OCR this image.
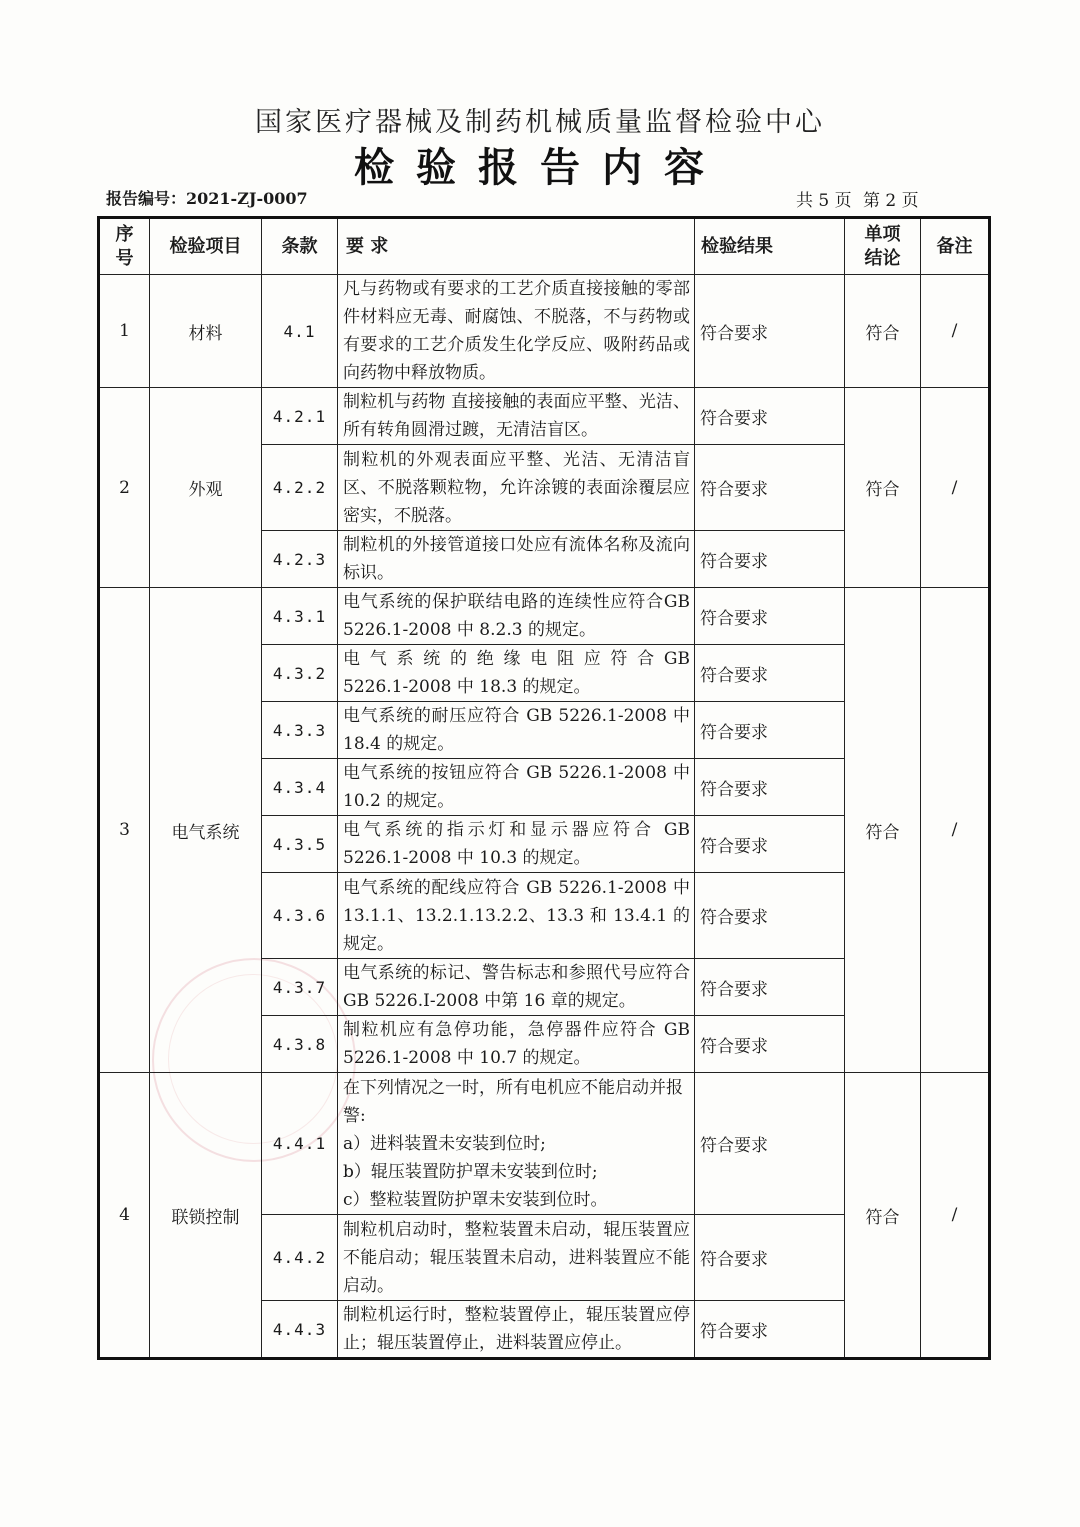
国家医疗器械及制药机械质量监督检验中心
检验报告内容
报告编号：2021-ZJ-0007	共 5 页 第 2 页
序号	检验项目	条款	要 求	检验结果	单项结论	备注
1	材料	4.1	凡与药物或有要求的工艺介质直接接触的零部件材料应无毒、耐腐蚀、不脱落，不与药物或有要求的工艺介质发生化学反应、吸附药品或向药物中释放物质。	符合要求	符合	/
2	外观	4.2.1	制粒机与药物 直接接触的表面应平整、光洁、所有转角圆滑过踱，无清洁盲区。	符合要求	符合	/
		4.2.2	制粒机的外观表面应平整、光洁、无清洁盲区、不脱落颗粒物，允许涂镀的表面涂覆层应密实，不脱落。	符合要求		
		4.2.3	制粒机的外接管道接口处应有流体名称及流向标识。	符合要求		
3	电气系统	4.3.1	电气系统的保护联结电路的连续性应符合GB 5226.1-2008 中 8.2.3 的规定。	符合要求	符合	/
		4.3.2	电 气 系 统 的 绝 缘 电 阻 应 符 合 GB 5226.1-2008 中 18.3 的规定。	符合要求		
		4.3.3	电气系统的耐压应符合 GB 5226.1-2008 中 18.4 的规定。	符合要求		
		4.3.4	电气系统的按钮应符合 GB 5226.1-2008 中 10.2 的规定。	符合要求		
		4.3.5	电气系统的指示灯和显示器应符合 GB 5226.1-2008 中 10.3 的规定。	符合要求		
		4.3.6	电气系统的配线应符合 GB 5226.1-2008 中 13.1.1、13.2.1.13.2.2、13.3 和 13.4.1 的规定。	符合要求		
		4.3.7	电气系统的标记、警告标志和参照代号应符合 GB 5226.I-2008 中第 16 章的规定。	符合要求		
		4.3.8	制粒机应有急停功能，急停器件应符合 GB 5226.1-2008 中 10.7 的规定。	符合要求		
4	联锁控制	4.4.1	在下列情况之一时，所有电机应不能启动并报警:
a）进料装置未安装到位时;
b）辊压装置防护罩未安装到位时;
c）整粒装置防护罩未安装到位时。	符合要求	符合	/
		4.4.2	制粒机启动时，整粒装置未启动，辊压装置应不能启动；辊压装置未启动，进料装置应不能启动。	符合要求		
		4.4.3	制粒机运行时，整粒装置停止，辊压装置应停止；辊压装置停止，进料装置应停止。	符合要求		
